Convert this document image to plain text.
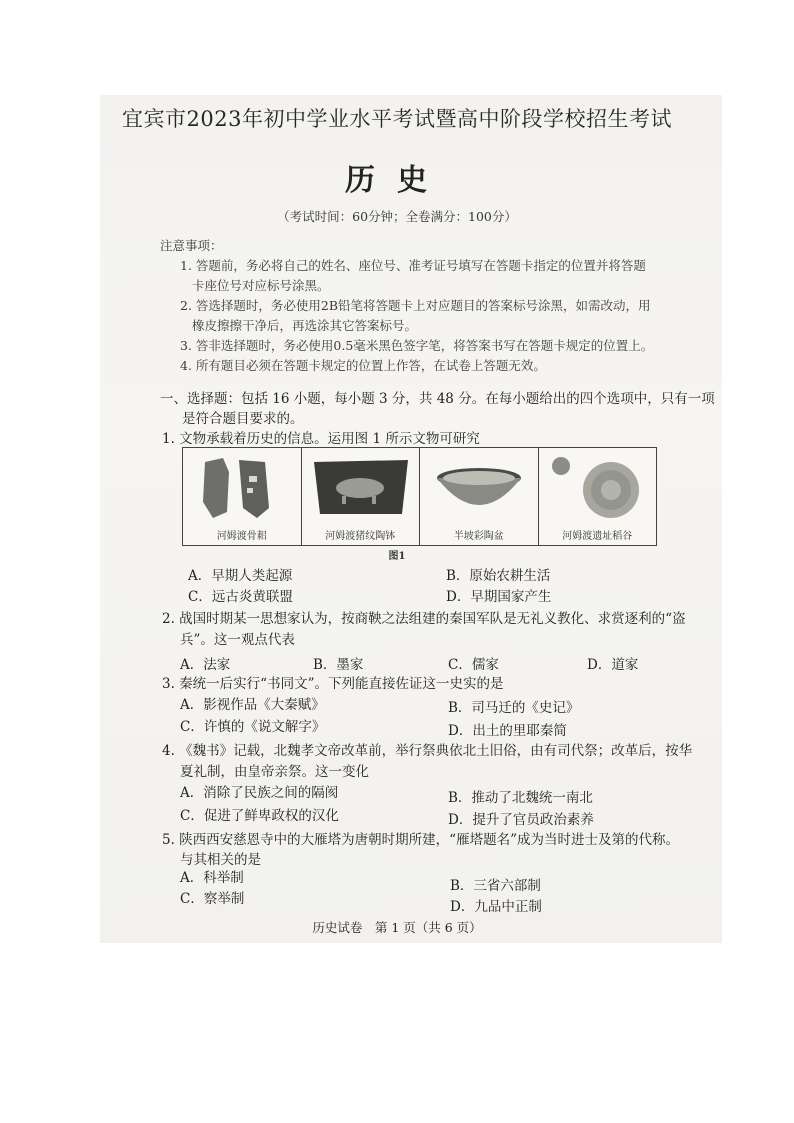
宜宾市2023年初中学业水平考试暨高中阶段学校招生考试
历史
（考试时间：60分钟；全卷满分：100分）
注意事项：
1. 答题前，务必将自己的姓名、座位号、准考证号填写在答题卡指定的位置并将答题
卡座位号对应标号涂黑。
2. 答选择题时，务必使用2B铅笔将答题卡上对应题目的答案标号涂黑，如需改动，用
橡皮擦擦干净后，再选涂其它答案标号。
3. 答非选择题时，务必使用0.5毫米黑色签字笔，将答案书写在答题卡规定的位置上。
4. 所有题目必须在答题卡规定的位置上作答，在试卷上答题无效。
一、选择题：包括 16 小题，每小题 3 分，共 48 分。在每小题给出的四个选项中，只有一项
是符合题目要求的。
1. 文物承载着历史的信息。运用图 1 所示文物可研究
河姆渡骨耜	河姆渡猪纹陶钵	半坡彩陶盆	河姆渡遗址稻谷
图1
A．早期人类起源	B．原始农耕生活
C．远古炎黄联盟	D．早期国家产生
2. 战国时期某一思想家认为，按商鞅之法组建的秦国军队是无礼义教化、求赏逐利的“盗
兵”。这一观点代表
A．法家	B．墨家	C．儒家	D．道家
3. 秦统一后实行“书同文”。下列能直接佐证这一史实的是
A．影视作品《大秦赋》	B．司马迁的《史记》
C．许慎的《说文解字》	D．出土的里耶秦简
4. 《魏书》记载，北魏孝文帝改革前，举行祭典依北土旧俗，由有司代祭；改革后，按华
夏礼制，由皇帝亲祭。这一变化
A．消除了民族之间的隔阂	B．推动了北魏统一南北
C．促进了鲜卑政权的汉化	D．提升了官员政治素养
5. 陕西西安慈恩寺中的大雁塔为唐朝时期所建，“雁塔题名”成为当时进士及第的代称。
与其相关的是
A．科举制	B．三省六部制
C．察举制	D．九品中正制
历史试卷　第 1 页（共 6 页）
